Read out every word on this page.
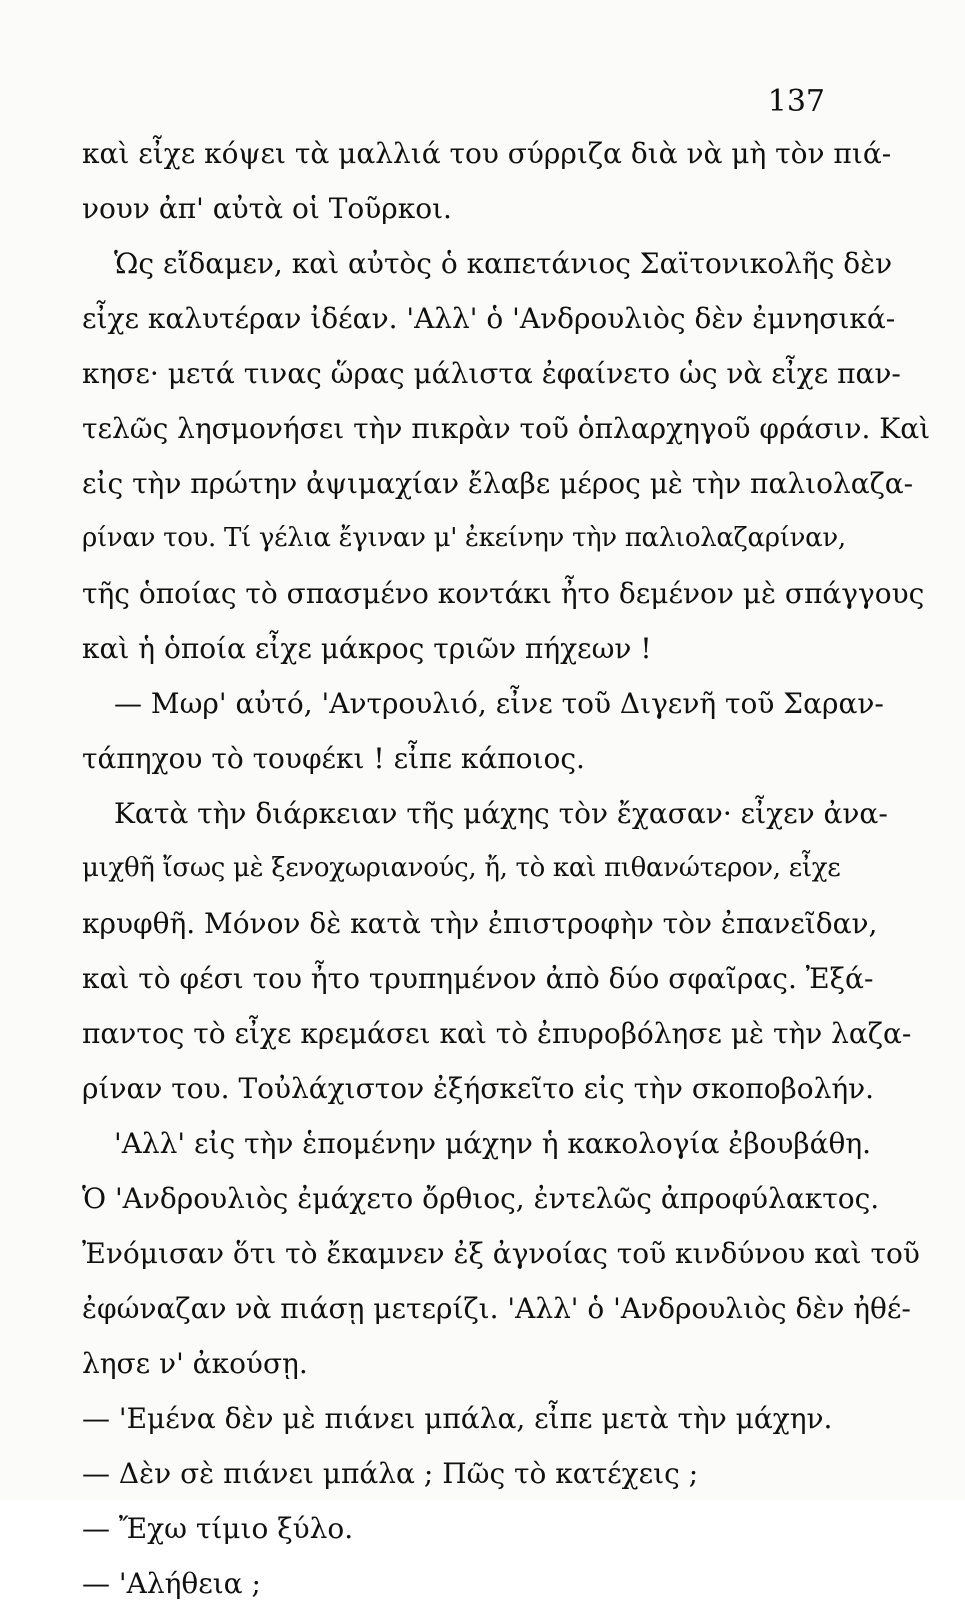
137
καὶ εἶχε κόψει τὰ μαλλιά του σύρριζα διὰ νὰ μὴ τὸν πιά-
νουν ἀπ' αὐτὰ οἱ Τοῦρκοι.
Ὡς εἴδαμεν, καὶ αὐτὸς ὁ καπετάνιος Σαϊτονικολῆς δὲν
εἶχε καλυτέραν ἰδέαν. 'Αλλ' ὁ 'Ανδρουλιὸς δὲν ἐμνησικά-
κησε· μετά τινας ὥρας μάλιστα ἐφαίνετο ὡς νὰ εἶχε παν-
τελῶς λησμονήσει τὴν πικρὰν τοῦ ὁπλαρχηγοῦ φράσιν. Καὶ
εἰς τὴν πρώτην ἀψιμαχίαν ἔλαβε μέρος μὲ τὴν παλιολαζα-
ρίναν του. Τί γέλια ἔγιναν μ' ἐκείνην τὴν παλιολαζαρίναν,
τῆς ὁποίας τὸ σπασμένο κοντάκι ἦτο δεμένον μὲ σπάγγους
καὶ ἡ ὁποία εἶχε μάκρος τριῶν πήχεων !
— Μωρ' αὐτό, 'Αντρουλιό, εἶνε τοῦ Διγενῆ τοῦ Σαραν-
τάπηχου τὸ τουφέκι ! εἶπε κάποιος.
Κατὰ τὴν διάρκειαν τῆς μάχης τὸν ἔχασαν· εἶχεν ἀνα-
μιχθῆ ἴσως μὲ ξενοχωριανούς, ἤ, τὸ καὶ πιθανώτερον, εἶχε
κρυφθῆ. Μόνον δὲ κατὰ τὴν ἐπιστροφὴν τὸν ἐπανεῖδαν,
καὶ τὸ φέσι του ἦτο τρυπημένον ἀπὸ δύο σφαῖρας. Ἐξά-
παντος τὸ εἶχε κρεμάσει καὶ τὸ ἐπυροβόλησε μὲ τὴν λαζα-
ρίναν του. Τοὐλάχιστον ἐξήσκεῖτο εἰς τὴν σκοποβολήν.
'Αλλ' εἰς τὴν ἑπομένην μάχην ἡ κακολογία ἐβουβάθη.
Ὁ 'Ανδρουλιὸς ἐμάχετο ὄρθιος, ἐντελῶς ἀπροφύλακτος.
Ἐνόμισαν ὅτι τὸ ἔκαμνεν ἐξ ἀγνοίας τοῦ κινδύνου καὶ τοῦ
ἐφώναζαν νὰ πιάσῃ μετερίζι. 'Αλλ' ὁ 'Ανδρουλιὸς δὲν ἠθέ-
λησε ν' ἀκούσῃ.
— 'Εμένα δὲν μὲ πιάνει μπάλα, εἶπε μετὰ τὴν μάχην.
— Δὲν σὲ πιάνει μπάλα ; Πῶς τὸ κατέχεις ;
— Ἔχω τίμιο ξύλο.
— 'Αλήθεια ;
